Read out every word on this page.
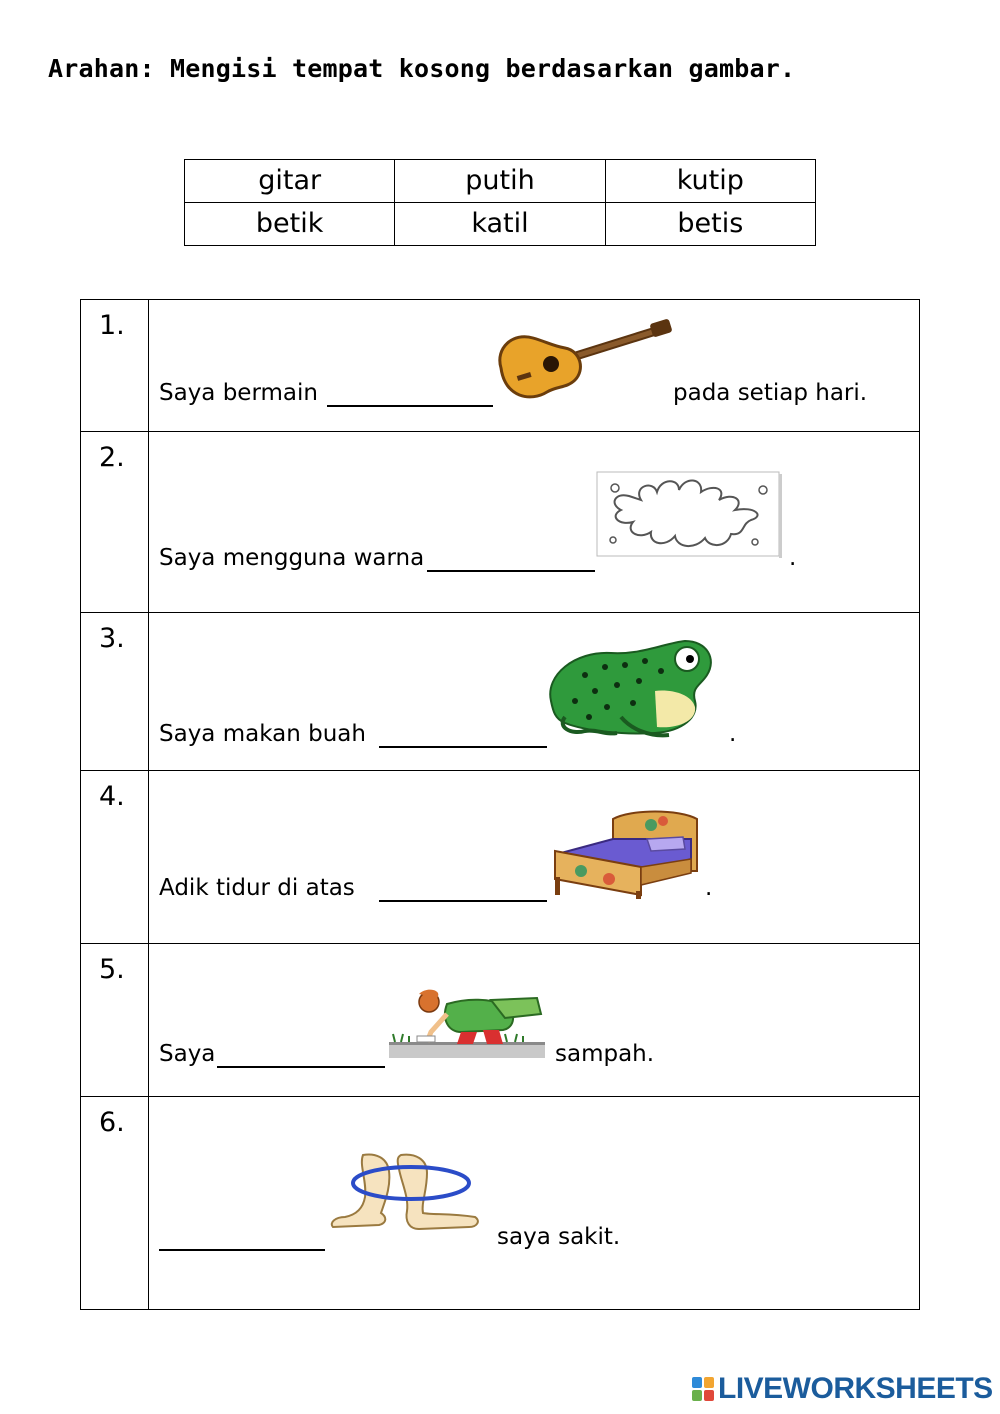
Arahan: Mengisi tempat kosong berdasarkan gambar.
gitar	putih	kutip
betik	katil	betis
1.	Saya bermain pada setiap hari.

2.	Saya mengguna warna .

3.	Saya makan buah .

4.	Adik tidur di atas .

5.	Saya sampah.

6.	saya sakit.
LIVEWORKSHEETS
